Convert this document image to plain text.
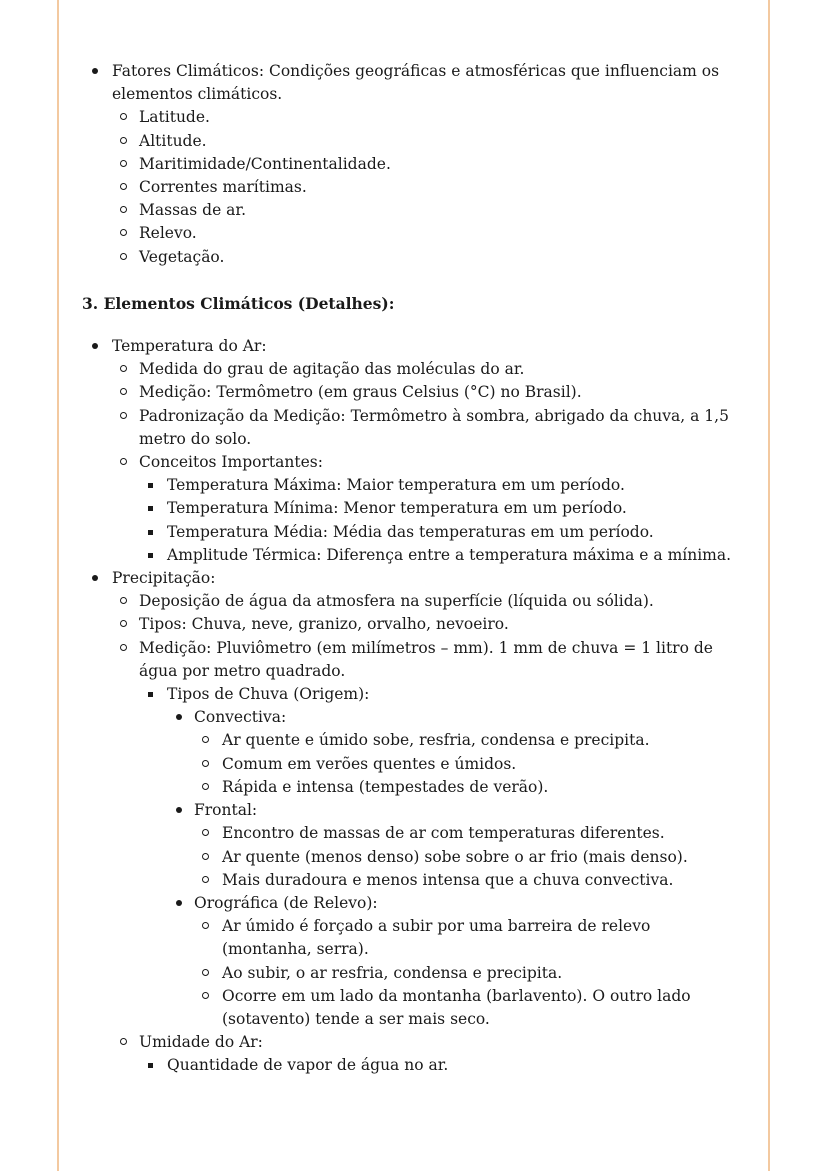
Fatores Climáticos: Condições geográficas e atmosféricas que influenciam os elementos climáticos.
Latitude.
Altitude.
Maritimidade/Continentalidade.
Correntes marítimas.
Massas de ar.
Relevo.
Vegetação.
3. Elementos Climáticos (Detalhes):
Temperatura do Ar:
Medida do grau de agitação das moléculas do ar.
Medição: Termômetro (em graus Celsius (°C) no Brasil).
Padronização da Medição: Termômetro à sombra, abrigado da chuva, a 1,5 metro do solo.
Conceitos Importantes:
Temperatura Máxima: Maior temperatura em um período.
Temperatura Mínima: Menor temperatura em um período.
Temperatura Média: Média das temperaturas em um período.
Amplitude Térmica: Diferença entre a temperatura máxima e a mínima.
Precipitação:
Deposição de água da atmosfera na superfície (líquida ou sólida).
Tipos: Chuva, neve, granizo, orvalho, nevoeiro.
Medição: Pluviômetro (em milímetros – mm). 1 mm de chuva = 1 litro de água por metro quadrado.
Tipos de Chuva (Origem):
Convectiva:
Ar quente e úmido sobe, resfria, condensa e precipita.
Comum em verões quentes e úmidos.
Rápida e intensa (tempestades de verão).
Frontal:
Encontro de massas de ar com temperaturas diferentes.
Ar quente (menos denso) sobe sobre o ar frio (mais denso).
Mais duradoura e menos intensa que a chuva convectiva.
Orográfica (de Relevo):
Ar úmido é forçado a subir por uma barreira de relevo (montanha, serra).
Ao subir, o ar resfria, condensa e precipita.
Ocorre em um lado da montanha (barlavento). O outro lado (sotavento) tende a ser mais seco.
Umidade do Ar:
Quantidade de vapor de água no ar.
